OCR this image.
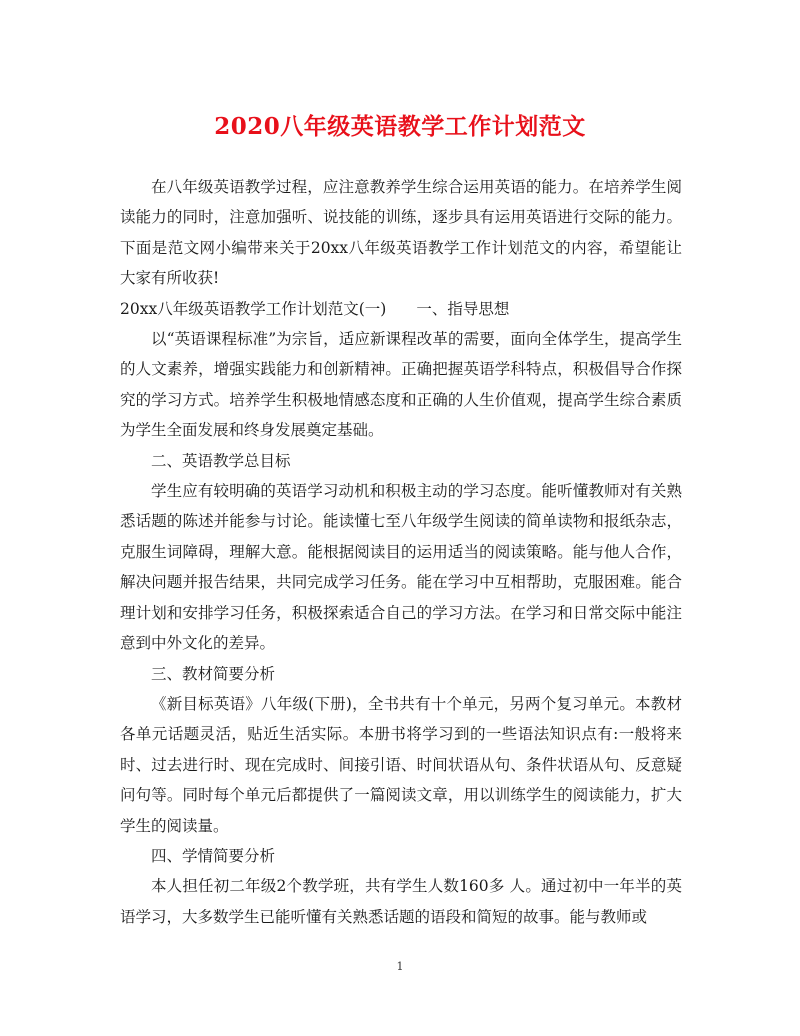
2020八年级英语教学工作计划范文

在八年级英语教学过程，应注意教养学生综合运用英语的能力。在培养学生阅读能力的同时，注意加强听、说技能的训练，逐步具有运用英语进行交际的能力。下面是范文网小编带来关于20xx八年级英语教学工作计划范文的内容，希望能让大家有所收获!

20xx八年级英语教学工作计划范文(一) 一、指导思想

以“英语课程标准”为宗旨，适应新课程改革的需要，面向全体学生，提高学生的人文素养，增强实践能力和创新精神。正确把握英语学科特点，积极倡导合作探究的学习方式。培养学生积极地情感态度和正确的人生价值观，提高学生综合素质为学生全面发展和终身发展奠定基础。

二、英语教学总目标

学生应有较明确的英语学习动机和积极主动的学习态度。能听懂教师对有关熟悉话题的陈述并能参与讨论。能读懂七至八年级学生阅读的简单读物和报纸杂志，克服生词障碍，理解大意。能根据阅读目的运用适当的阅读策略。能与他人合作，解决问题并报告结果，共同完成学习任务。能在学习中互相帮助，克服困难。能合理计划和安排学习任务，积极探索适合自己的学习方法。在学习和日常交际中能注意到中外文化的差异。

三、教材简要分析

《新目标英语》八年级(下册)，全书共有十个单元，另两个复习单元。本教材各单元话题灵活，贴近生活实际。本册书将学习到的一些语法知识点有:一般将来时、过去进行时、现在完成时、间接引语、时间状语从句、条件状语从句、反意疑问句等。同时每个单元后都提供了一篇阅读文章，用以训练学生的阅读能力，扩大学生的阅读量。

四、学情简要分析

本人担任初二年级2个教学班，共有学生人数160多 人。通过初中一年半的英语学习，大多数学生已能听懂有关熟悉话题的语段和简短的故事。能与教师或

1
